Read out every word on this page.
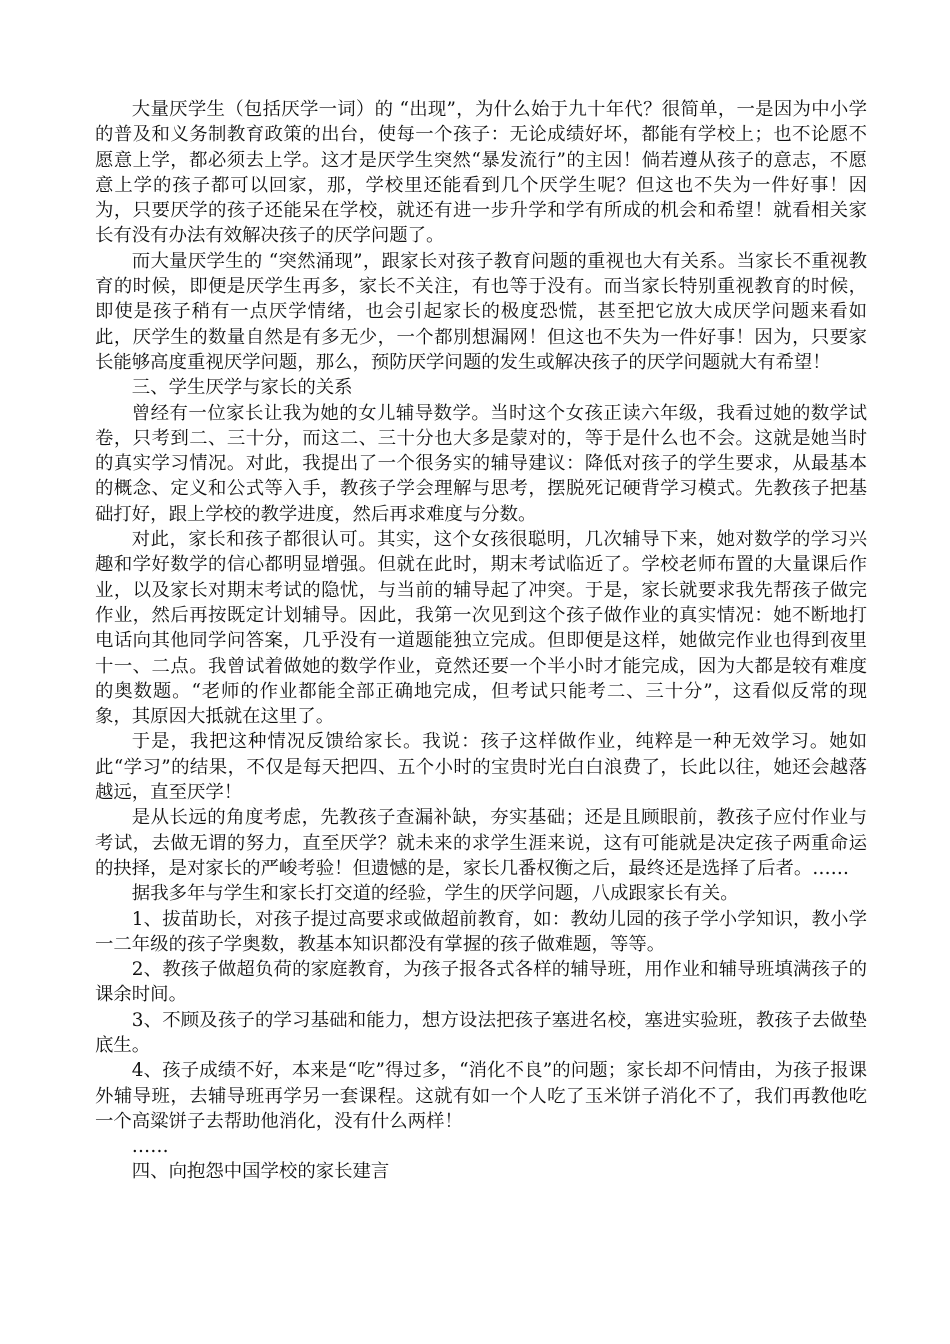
大量厌学生（包括厌学一词）的 “出现”，为什么始于九十年代？很简单，一是因为中小学的普及和义务制教育政策的出台，使每一个孩子：无论成绩好坏，都能有学校上；也不论愿不愿意上学，都必须去上学。这才是厌学生突然“暴发流行”的主因！倘若遵从孩子的意志，不愿意上学的孩子都可以回家，那，学校里还能看到几个厌学生呢？但这也不失为一件好事！因为，只要厌学的孩子还能呆在学校，就还有进一步升学和学有所成的机会和希望！就看相关家长有没有办法有效解决孩子的厌学问题了。

而大量厌学生的 “突然涌现”，跟家长对孩子教育问题的重视也大有关系。当家长不重视教育的时候，即便是厌学生再多，家长不关注，有也等于没有。而当家长特别重视教育的时候，即使是孩子稍有一点厌学情绪，也会引起家长的极度恐慌，甚至把它放大成厌学问题来看如此，厌学生的数量自然是有多无少，一个都別想漏网！但这也不失为一件好事！因为，只要家长能够高度重视厌学问题，那么，预防厌学问题的发生或解决孩子的厌学问题就大有希望！

三、学生厌学与家长的关系

曾经有一位家长让我为她的女儿辅导数学。当时这个女孩正读六年级，我看过她的数学试卷，只考到二、三十分，而这二、三十分也大多是蒙对的，等于是什么也不会。这就是她当时的真实学习情况。对此，我提出了一个很务实的辅导建议：降低对孩子的学生要求，从最基本的概念、定义和公式等入手，教孩子学会理解与思考，摆脱死记硬背学习模式。先教孩子把基础打好，跟上学校的教学进度，然后再求难度与分数。

对此，家长和孩子都很认可。其实，这个女孩很聪明，几次辅导下来，她对数学的学习兴趣和学好数学的信心都明显增强。但就在此时，期末考试临近了。学校老师布置的大量课后作业，以及家长对期末考试的隐忧，与当前的辅导起了冲突。于是，家长就要求我先帮孩子做完作业，然后再按既定计划辅导。因此，我第一次见到这个孩子做作业的真实情况：她不断地打电话向其他同学问答案，几乎没有一道题能独立完成。但即便是这样，她做完作业也得到夜里十一、二点。我曾试着做她的数学作业，竟然还要一个半小时才能完成，因为大都是较有难度的奥数题。“老师的作业都能全部正确地完成，但考试只能考二、三十分”，这看似反常的现象，其原因大抵就在这里了。

于是，我把这种情况反馈给家长。我说：孩子这样做作业，纯粹是一种无效学习。她如此“学习”的结果，不仅是每天把四、五个小时的宝贵时光白白浪费了，长此以往，她还会越落越远，直至厌学！

是从长远的角度考虑，先教孩子查漏补缺，夯实基础；还是且顾眼前，教孩子应付作业与考试，去做无谓的努力，直至厌学？就未来的求学生涯来说，这有可能就是决定孩子两重命运的抉择，是对家长的严峻考验！但遗憾的是，家长几番权衡之后，最终还是选择了后者。……

据我多年与学生和家长打交道的经验，学生的厌学问题，八成跟家长有关。

1、拔苗助长，对孩子提过高要求或做超前教育，如：教幼儿园的孩子学小学知识，教小学一二年级的孩子学奥数，教基本知识都没有掌握的孩子做难题，等等。

2、教孩子做超负荷的家庭教育，为孩子报各式各样的辅导班，用作业和辅导班填满孩子的课余时间。

3、不顾及孩子的学习基础和能力，想方设法把孩子塞进名校，塞进实验班，教孩子去做垫底生。

4、孩子成绩不好，本来是“吃”得过多，“消化不良”的问题；家长却不问情由，为孩子报课外辅导班，去辅导班再学另一套课程。这就有如一个人吃了玉米饼子消化不了，我们再教他吃一个高粱饼子去帮助他消化，没有什么两样！

……

四、向抱怨中国学校的家长建言
